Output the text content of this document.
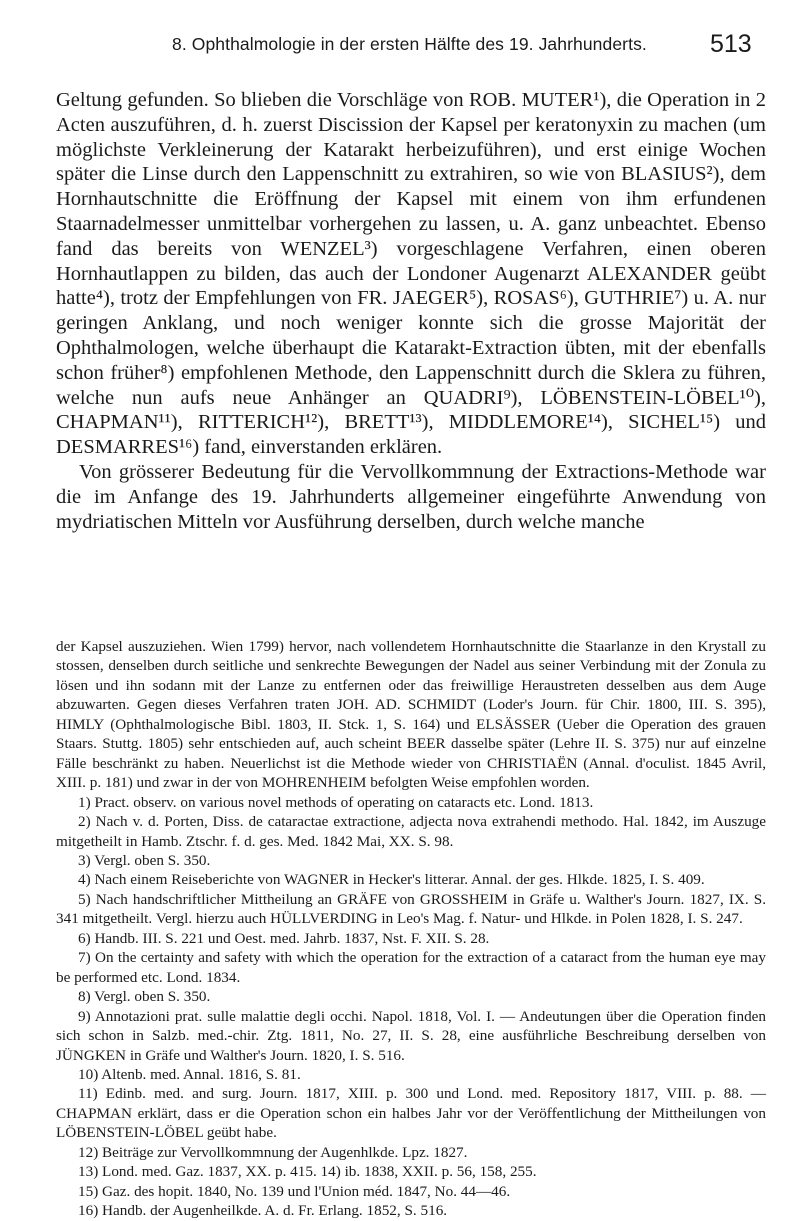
8. Ophthalmologie in der ersten Hälfte des 19. Jahrhunderts.	513

Geltung gefunden. So blieben die Vorschläge von ROB. MUTER¹), die Operation in 2 Acten auszuführen, d. h. zuerst Discission der Kapsel per keratonyxin zu machen (um möglichste Verkleinerung der Katarakt herbeizuführen), und erst einige Wochen später die Linse durch den Lappenschnitt zu extrahiren, so wie von BLASIUS²), dem Hornhautschnitte die Eröffnung der Kapsel mit einem von ihm erfundenen Staarnadelmesser unmittelbar vorhergehen zu lassen, u. A. ganz unbeachtet. Ebenso fand das bereits von WENZEL³) vorgeschlagene Verfahren, einen oberen Hornhautlappen zu bilden, das auch der Londoner Augenarzt ALEXANDER geübt hatte⁴), trotz der Empfehlungen von FR. JAEGER⁵), ROSAS⁶), GUTHRIE⁷) u. A. nur geringen Anklang, und noch weniger konnte sich die grosse Majorität der Ophthalmologen, welche überhaupt die Katarakt-Extraction übten, mit der ebenfalls schon früher⁸) empfohlenen Methode, den Lappenschnitt durch die Sklera zu führen, welche nun aufs neue Anhänger an QUADRI⁹), LÖBENSTEIN-LÖBEL¹⁰), CHAPMAN¹¹), RITTERICH¹²), BRETT¹³), MIDDLEMORE¹⁴), SICHEL¹⁵) und DESMARRES¹⁶) fand, einverstanden erklären.

Von grösserer Bedeutung für die Vervollkommnung der Extractions-Methode war die im Anfange des 19. Jahrhunderts allgemeiner eingeführte Anwendung von mydriatischen Mitteln vor Ausführung derselben, durch welche manche

der Kapsel auszuziehen. Wien 1799) hervor, nach vollendetem Hornhautschnitte die Staarlanze in den Krystall zu stossen, denselben durch seitliche und senkrechte Bewegungen der Nadel aus seiner Verbindung mit der Zonula zu lösen und ihn sodann mit der Lanze zu entfernen oder das freiwillige Heraustreten desselben aus dem Auge abzuwarten. Gegen dieses Verfahren traten JOH. AD. SCHMIDT (Loder's Journ. für Chir. 1800, III. S. 395), HIMLY (Ophthalmologische Bibl. 1803, II. Stck. 1, S. 164) und ELSÄSSER (Ueber die Operation des grauen Staars. Stuttg. 1805) sehr entschieden auf, auch scheint BEER dasselbe später (Lehre II. S. 375) nur auf einzelne Fälle beschränkt zu haben. Neuerlichst ist die Methode wieder von CHRISTIAËN (Annal. d'oculist. 1845 Avril, XIII. p. 181) und zwar in der von MOHRENHEIM befolgten Weise empfohlen worden.

1) Pract. observ. on various novel methods of operating on cataracts etc. Lond. 1813.

2) Nach v. d. Porten, Diss. de cataractae extractione, adjecta nova extrahendi methodo. Hal. 1842, im Auszuge mitgetheilt in Hamb. Ztschr. f. d. ges. Med. 1842 Mai, XX. S. 98.

3) Vergl. oben S. 350.

4) Nach einem Reiseberichte von WAGNER in Hecker's litterar. Annal. der ges. Hlkde. 1825, I. S. 409.

5) Nach handschriftlicher Mittheilung an GRÄFE von GROSSHEIM in Gräfe u. Walther's Journ. 1827, IX. S. 341 mitgetheilt. Vergl. hierzu auch HÜLLVERDING in Leo's Mag. f. Natur- und Hlkde. in Polen 1828, I. S. 247.

6) Handb. III. S. 221 und Oest. med. Jahrb. 1837, Nst. F. XII. S. 28.

7) On the certainty and safety with which the operation for the extraction of a cataract from the human eye may be performed etc. Lond. 1834.

8) Vergl. oben S. 350.

9) Annotazioni prat. sulle malattie degli occhi. Napol. 1818, Vol. I. — Andeutungen über die Operation finden sich schon in Salzb. med.-chir. Ztg. 1811, No. 27, II. S. 28, eine ausführliche Beschreibung derselben von JÜNGKEN in Gräfe und Walther's Journ. 1820, I. S. 516.

10) Altenb. med. Annal. 1816, S. 81.

11) Edinb. med. and surg. Journ. 1817, XIII. p. 300 und Lond. med. Repository 1817, VIII. p. 88. — CHAPMAN erklärt, dass er die Operation schon ein halbes Jahr vor der Veröffentlichung der Mittheilungen von LÖBENSTEIN-LÖBEL geübt habe.

12) Beiträge zur Vervollkommnung der Augenhlkde. Lpz. 1827.

13) Lond. med. Gaz. 1837, XX. p. 415. 14) ib. 1838, XXII. p. 56, 158, 255.

15) Gaz. des hopit. 1840, No. 139 und l'Union méd. 1847, No. 44—46.

16) Handb. der Augenheilkde. A. d. Fr. Erlang. 1852, S. 516.
